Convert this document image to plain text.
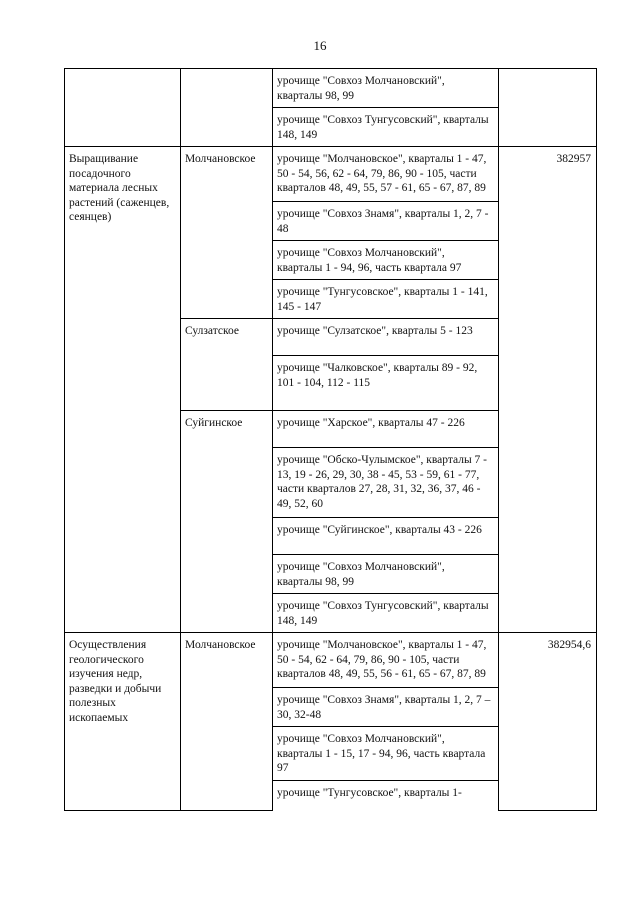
16
		урочище "Совхоз Молчановский", кварталы 98, 99	
		урочище "Совхоз Тунгусовский", кварталы 148, 149	
Выращивание посадочного материала лесных растений (саженцев, сеянцев)	Молчановское	урочище "Молчановское", кварталы 1 - 47, 50 - 54, 56, 62 - 64, 79, 86, 90 - 105, части кварталов 48, 49, 55, 57 - 61, 65 - 67, 87, 89	382957
		урочище "Совхоз Знамя", кварталы 1, 2, 7 - 48	
		урочище "Совхоз Молчановский", кварталы 1 - 94, 96, часть квартала 97	
		урочище "Тунгусовское", кварталы 1 - 141, 145 - 147	
	Сулзатское	урочище "Сулзатское", кварталы 5 - 123	
		урочище "Чалковское", кварталы 89 - 92, 101 - 104, 112 - 115	
	Суйгинское	урочище "Харское", кварталы 47 - 226	
		урочище "Обско-Чулымское", кварталы 7 - 13, 19 - 26, 29, 30, 38 - 45, 53 - 59, 61 - 77, части кварталов 27, 28, 31, 32, 36, 37, 46 - 49, 52, 60	
		урочище "Суйгинское", кварталы 43 - 226	
		урочище "Совхоз Молчановский", кварталы 98, 99	
		урочище "Совхоз Тунгусовский", кварталы 148, 149	
Осуществления геологического изучения недр, разведки и добычи полезных ископаемых	Молчановское	урочище "Молчановское", кварталы 1 - 47, 50 - 54, 62 - 64, 79, 86, 90 - 105, части кварталов 48, 49, 55, 56 - 61, 65 - 67, 87, 89	382954,6
		урочище "Совхоз Знамя", кварталы 1, 2, 7 – 30, 32-48	
		урочище "Совхоз Молчановский", кварталы 1 - 15, 17 - 94, 96, часть квартала 97	
		урочище "Тунгусовское", кварталы 1-	
